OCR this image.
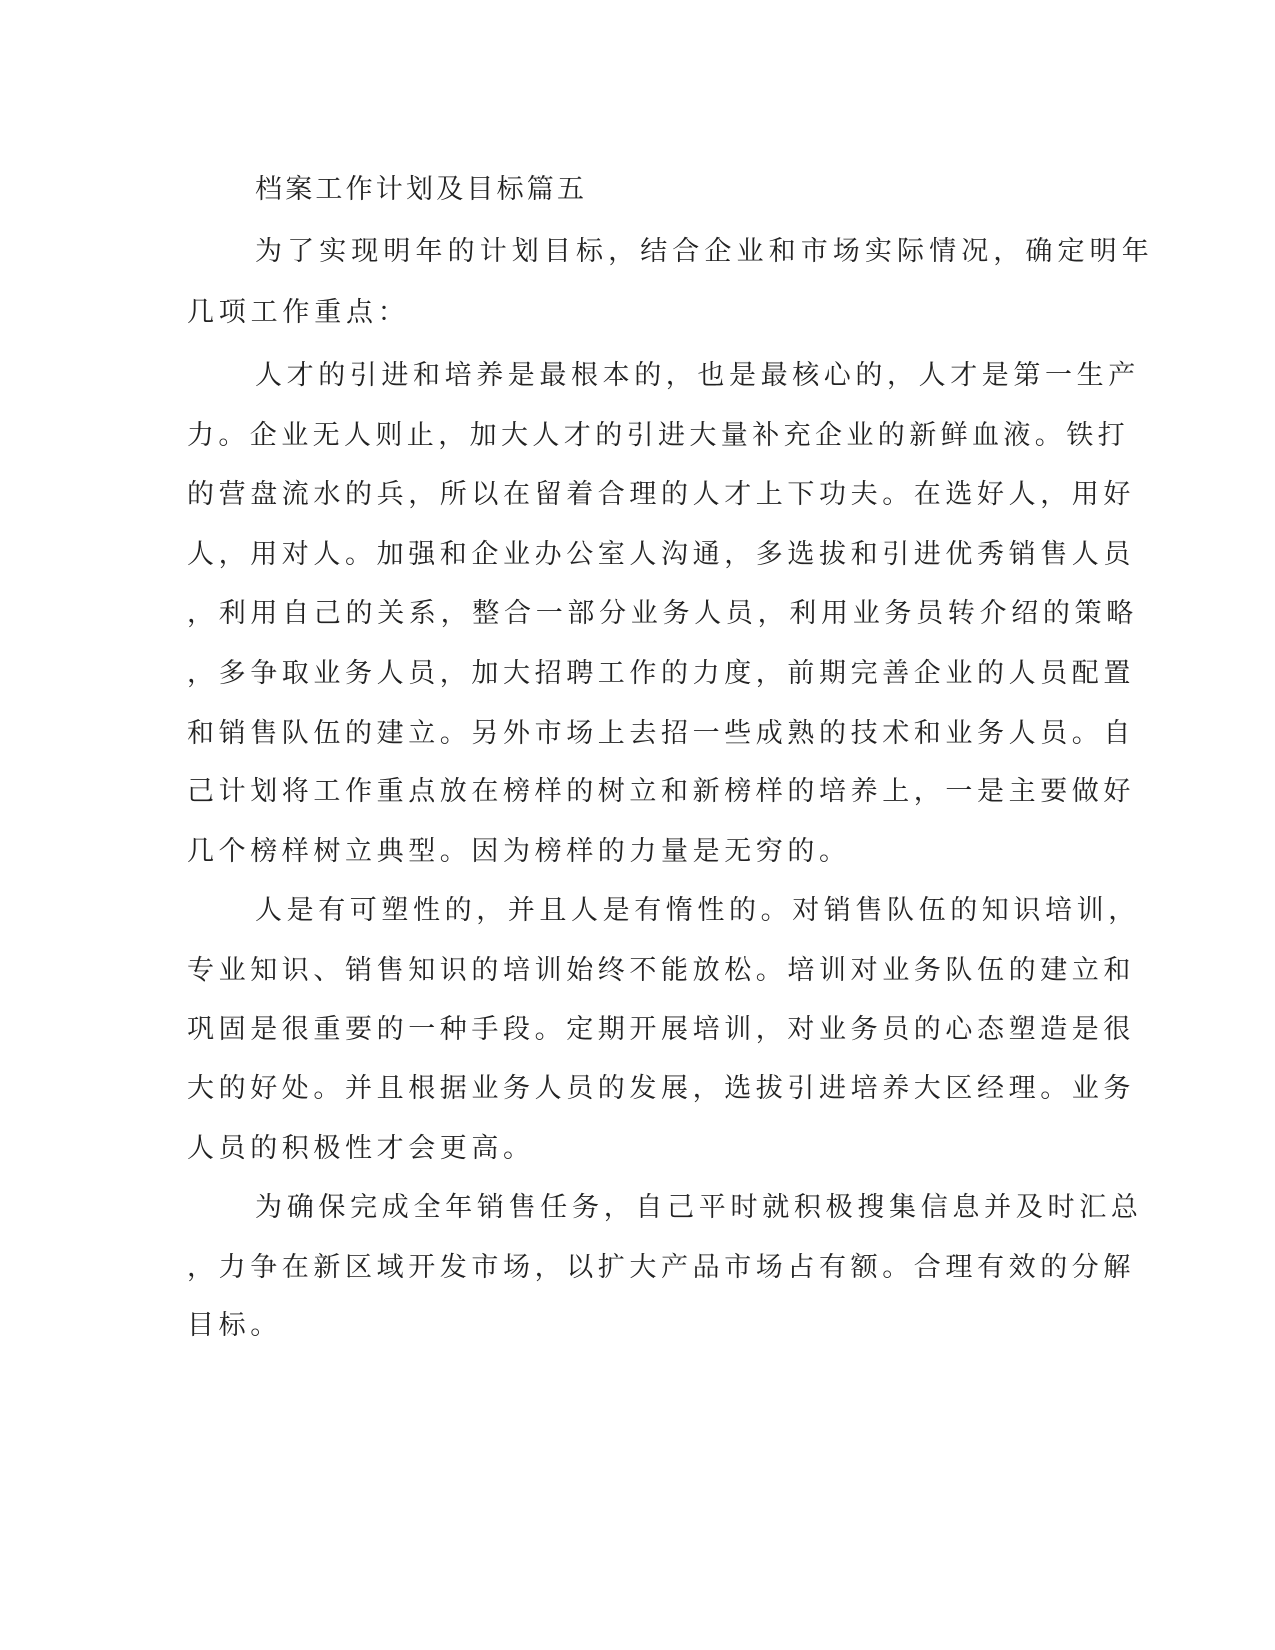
档案工作计划及目标篇五
为了实现明年的计划目标，结合企业和市场实际情况，确定明年
几项工作重点：
人才的引进和培养是最根本的，也是最核心的，人才是第一生产
力。企业无人则止，加大人才的引进大量补充企业的新鲜血液。铁打
的营盘流水的兵，所以在留着合理的人才上下功夫。在选好人，用好
人，用对人。加强和企业办公室人沟通，多选拔和引进优秀销售人员
，利用自己的关系，整合一部分业务人员，利用业务员转介绍的策略
，多争取业务人员，加大招聘工作的力度，前期完善企业的人员配置
和销售队伍的建立。另外市场上去招一些成熟的技术和业务人员。自
己计划将工作重点放在榜样的树立和新榜样的培养上，一是主要做好
几个榜样树立典型。因为榜样的力量是无穷的。
人是有可塑性的，并且人是有惰性的。对销售队伍的知识培训，
专业知识、销售知识的培训始终不能放松。培训对业务队伍的建立和
巩固是很重要的一种手段。定期开展培训，对业务员的心态塑造是很
大的好处。并且根据业务人员的发展，选拔引进培养大区经理。业务
人员的积极性才会更高。
为确保完成全年销售任务，自己平时就积极搜集信息并及时汇总
，力争在新区域开发市场，以扩大产品市场占有额。合理有效的分解
目标。
